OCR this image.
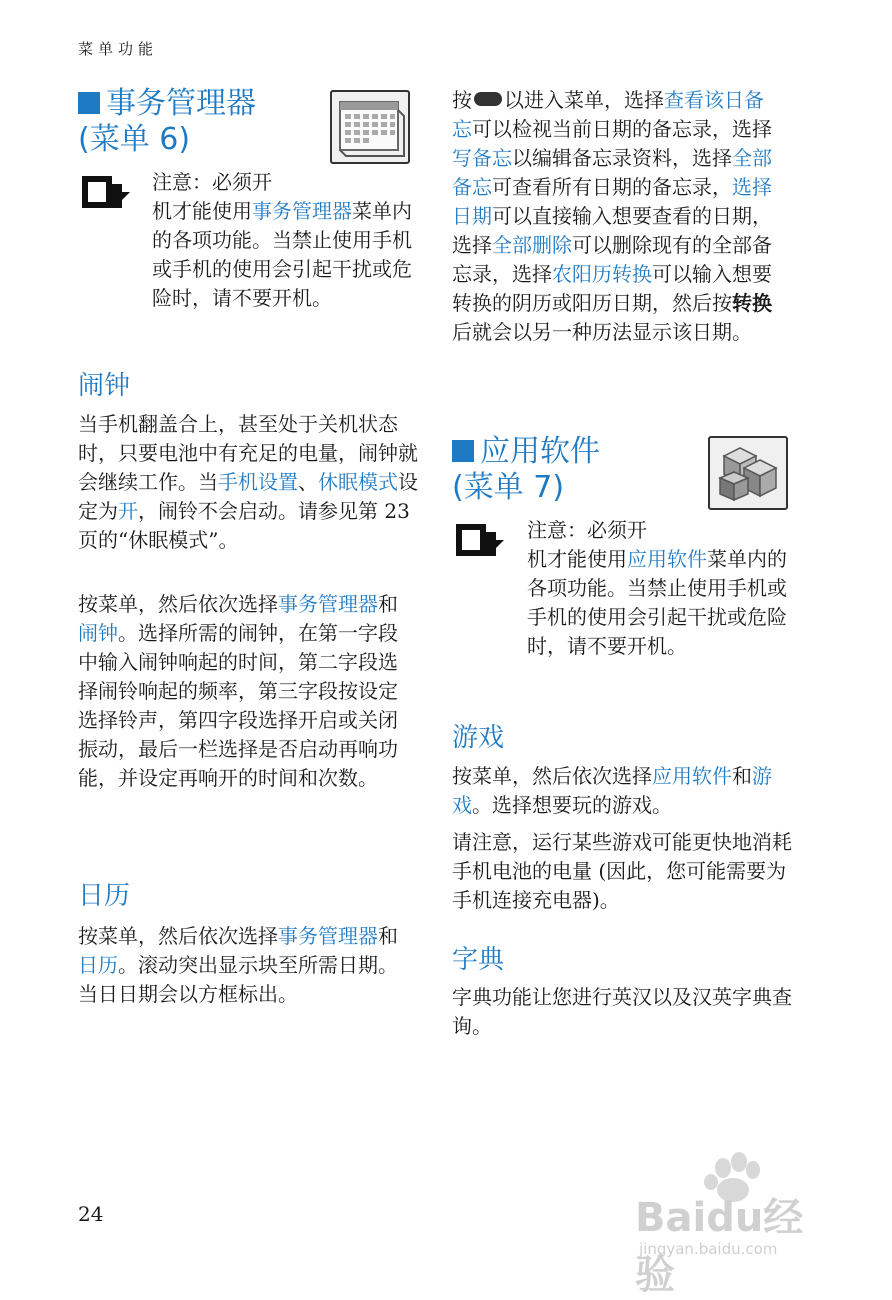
菜单功能
事务管理器
(菜单 6)

注意：必须开

机才能使用事务管理器菜单内的各项功能。当禁止使用手机或手机的使用会引起干扰或危险时，请不要开机。

闹钟

当手机翻盖合上，甚至处于关机状态时，只要电池中有充足的电量，闹钟就会继续工作。当手机设置、休眠模式设定为开，闹铃不会启动。请参见第 23 页的“休眠模式”。

按菜单，然后依次选择事务管理器和闹钟。选择所需的闹钟，在第一字段中输入闹钟响起的时间，第二字段选择闹铃响起的频率，第三字段按设定选择铃声，第四字段选择开启或关闭振动，最后一栏选择是否启动再响功能，并设定再响开的时间和次数。

日历

按菜单，然后依次选择事务管理器和日历。滚动突出显示块至所需日期。当日日期会以方框标出。

按 以进入菜单，选择查看该日备忘可以检视当前日期的备忘录，选择写备忘以编辑备忘录资料，选择全部备忘可查看所有日期的备忘录，选择日期可以直接输入想要查看的日期，选择全部删除可以删除现有的全部备忘录，选择农阳历转换可以输入想要转换的阴历或阳历日期，然后按转换后就会以另一种历法显示该日期。

应用软件
(菜单 7)

注意：必须开

机才能使用应用软件菜单内的各项功能。当禁止使用手机或手机的使用会引起干扰或危险时，请不要开机。

游戏

按菜单，然后依次选择应用软件和游戏。选择想要玩的游戏。

请注意，运行某些游戏可能更快地消耗手机电池的电量 (因此，您可能需要为手机连接充电器)。

字典

字典功能让您进行英汉以及汉英字典查询。

24	Baidu经验
jingyan.baidu.com
